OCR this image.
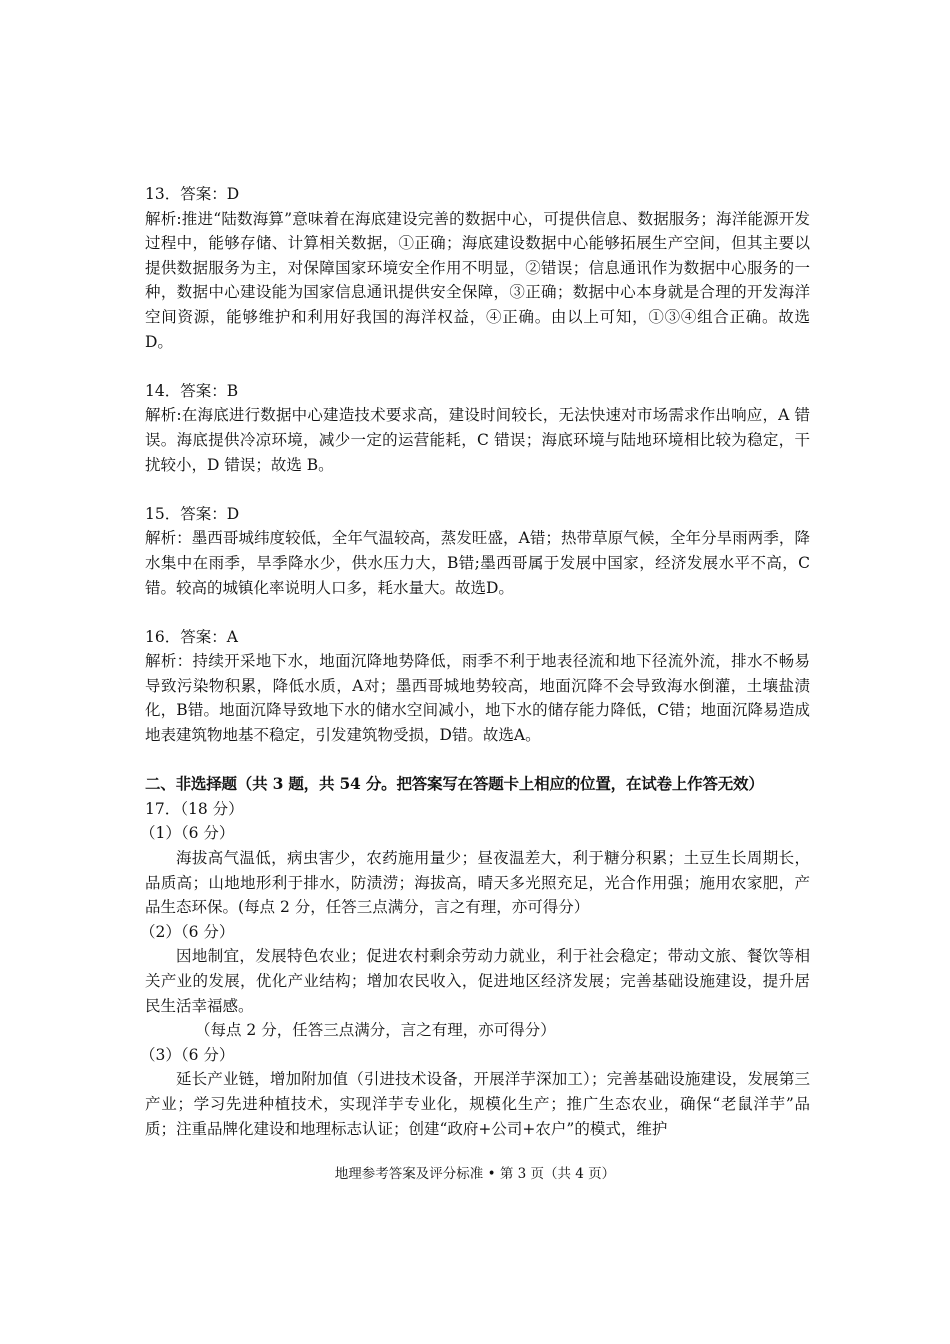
13．答案：D
解析:推进“陆数海算”意味着在海底建设完善的数据中心，可提供信息、数据服务；海洋能源开发过程中，能够存储、计算相关数据，①正确；海底建设数据中心能够拓展生产空间，但其主要以提供数据服务为主，对保障国家环境安全作用不明显，②错误；信息通讯作为数据中心服务的一种，数据中心建设能为国家信息通讯提供安全保障，③正确；数据中心本身就是合理的开发海洋空间资源，能够维护和利用好我国的海洋权益，④正确。由以上可知，①③④组合正确。故选 D。
14．答案：B
解析:在海底进行数据中心建造技术要求高，建设时间较长，无法快速对市场需求作出响应，A 错误。海底提供冷凉环境，减少一定的运营能耗，C 错误；海底环境与陆地环境相比较为稳定，干扰较小，D 错误；故选 B。
15．答案：D
解析：墨西哥城纬度较低，全年气温较高，蒸发旺盛，A错；热带草原气候，全年分旱雨两季，降水集中在雨季，旱季降水少，供水压力大，B错;墨西哥属于发展中国家，经济发展水平不高，C错。较高的城镇化率说明人口多，耗水量大。故选D。
16．答案：A
解析：持续开采地下水，地面沉降地势降低，雨季不利于地表径流和地下径流外流，排水不畅易导致污染物积累，降低水质，A对；墨西哥城地势较高，地面沉降不会导致海水倒灌，土壤盐渍化，B错。地面沉降导致地下水的储水空间减小，地下水的储存能力降低，C错；地面沉降易造成地表建筑物地基不稳定，引发建筑物受损，D错。故选A。
二、非选择题（共 3 题，共 54 分。把答案写在答题卡上相应的位置，在试卷上作答无效）
17．（18 分）
（1）（6 分）
海拔高气温低，病虫害少，农药施用量少；昼夜温差大，利于糖分积累；土豆生长周期长，品质高；山地地形利于排水，防渍涝；海拔高，晴天多光照充足，光合作用强；施用农家肥，产品生态环保。(每点 2 分，任答三点满分，言之有理，亦可得分）
（2）（6 分）
因地制宜，发展特色农业；促进农村剩余劳动力就业，利于社会稳定；带动文旅、餐饮等相关产业的发展，优化产业结构；增加农民收入，促进地区经济发展；完善基础设施建设，提升居民生活幸福感。
（每点 2 分，任答三点满分，言之有理，亦可得分）
（3）（6 分）
延长产业链，增加附加值（引进技术设备，开展洋芋深加工）；完善基础设施建设，发展第三产业；学习先进种植技术，实现洋芋专业化，规模化生产；推广生态农业，确保“老鼠洋芋”品质；注重品牌化建设和地理标志认证；创建“政府+公司+农户”的模式，维护
地理参考答案及评分标准 • 第 3 页（共 4 页）
